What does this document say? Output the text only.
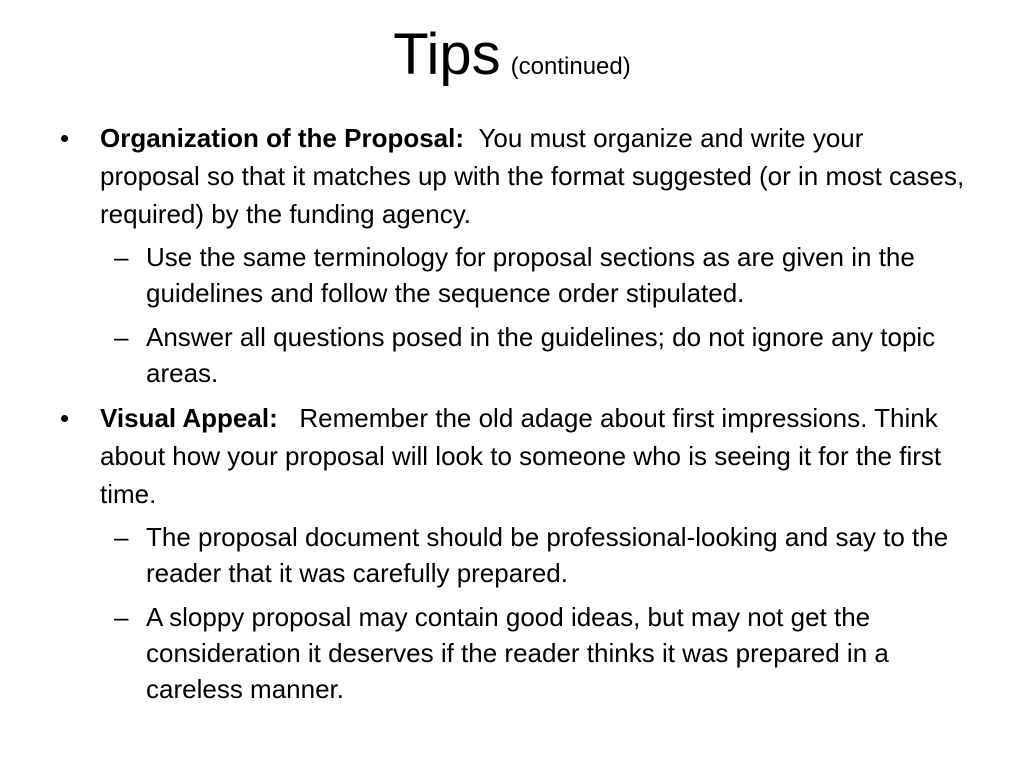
Tips (continued)
• Organization of the Proposal: You must organize and write your proposal so that it matches up with the format suggested (or in most cases, required) by the funding agency.
– Use the same terminology for proposal sections as are given in the guidelines and follow the sequence order stipulated.
– Answer all questions posed in the guidelines; do not ignore any topic areas.
• Visual Appeal: Remember the old adage about first impressions. Think about how your proposal will look to someone who is seeing it for the first time.
– The proposal document should be professional-looking and say to the reader that it was carefully prepared.
– A sloppy proposal may contain good ideas, but may not get the consideration it deserves if the reader thinks it was prepared in a careless manner.
